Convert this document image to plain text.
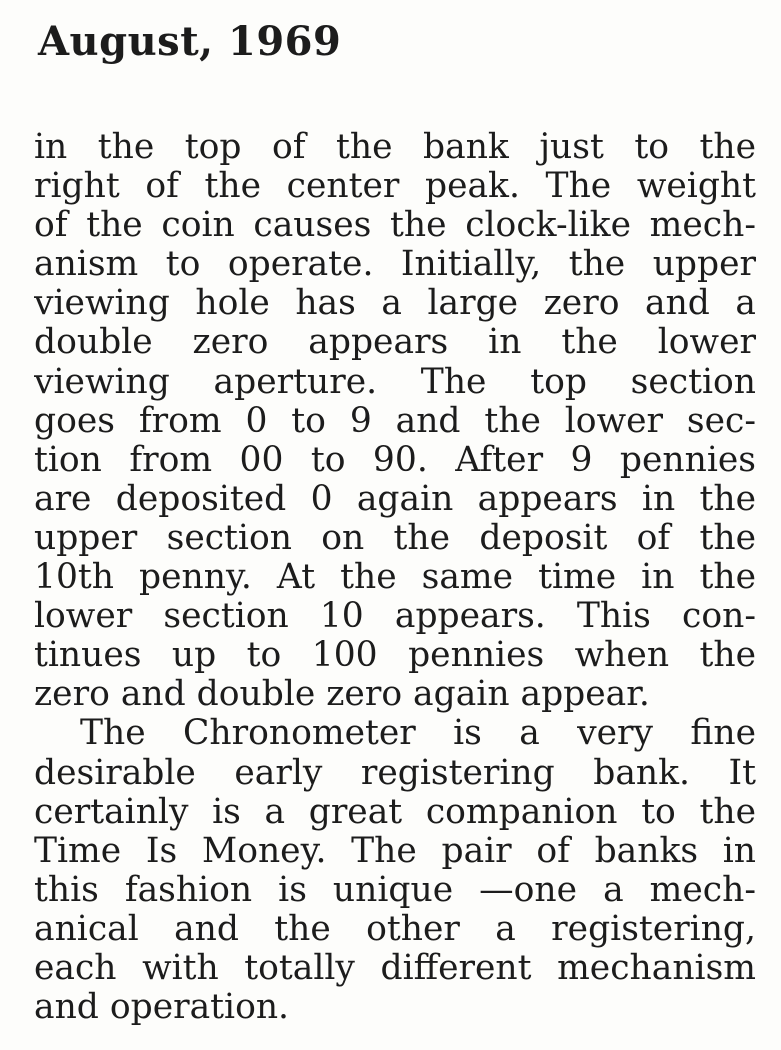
August, 1969
in the top of the bank just to the
right of the center peak. The weight
of the coin causes the clock-like mech-
anism to operate. Initially, the upper
viewing hole has a large zero and a
double zero appears in the lower
viewing aperture. The top section
goes from 0 to 9 and the lower sec-
tion from 00 to 90. After 9 pennies
are deposited 0 again appears in the
upper section on the deposit of the
10th penny. At the same time in the
lower section 10 appears. This con-
tinues up to 100 pennies when the
zero and double zero again appear.
The Chronometer is a very fine
desirable early registering bank. It
certainly is a great companion to the
Time Is Money. The pair of banks in
this fashion is unique —one a mech-
anical and the other a registering,
each with totally different mechanism
and operation.
